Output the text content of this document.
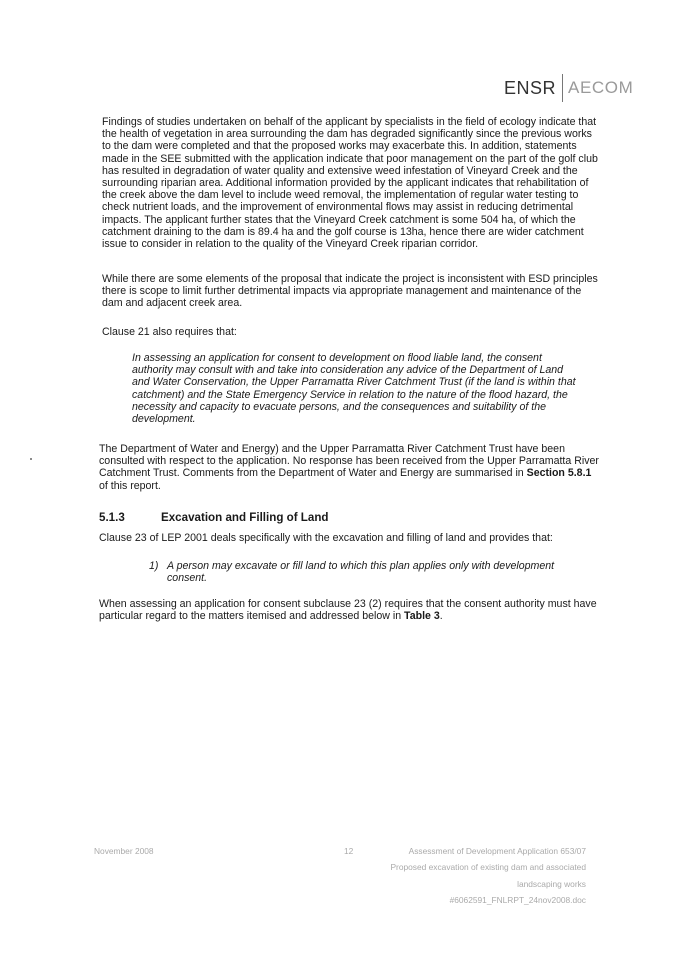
ENSR AECOM

Findings of studies undertaken on behalf of the applicant by specialists in the field of ecology indicate that the health of vegetation in area surrounding the dam has degraded significantly since the previous works to the dam were completed and that the proposed works may exacerbate this. In addition, statements made in the SEE submitted with the application indicate that poor management on the part of the golf club has resulted in degradation of water quality and extensive weed infestation of Vineyard Creek and the surrounding riparian area. Additional information provided by the applicant indicates that rehabilitation of the creek above the dam level to include weed removal, the implementation of regular water testing to check nutrient loads, and the improvement of environmental flows may assist in reducing detrimental impacts. The applicant further states that the Vineyard Creek catchment is some 504 ha, of which the catchment draining to the dam is 89.4 ha and the golf course is 13ha, hence there are wider catchment issue to consider in relation to the quality of the Vineyard Creek riparian corridor.

While there are some elements of the proposal that indicate the project is inconsistent with ESD principles there is scope to limit further detrimental impacts via appropriate management and maintenance of the dam and adjacent creek area.

Clause 21 also requires that:

In assessing an application for consent to development on flood liable land, the consent authority may consult with and take into consideration any advice of the Department of Land and Water Conservation, the Upper Parramatta River Catchment Trust (if the land is within that catchment) and the State Emergency Service in relation to the nature of the flood hazard, the necessity and capacity to evacuate persons, and the consequences and suitability of the development.

The Department of Water and Energy) and the Upper Parramatta River Catchment Trust have been consulted with respect to the application. No response has been received from the Upper Parramatta River Catchment Trust. Comments from the Department of Water and Energy are summarised in Section 5.8.1 of this report.

5.1.3	Excavation and Filling of Land

Clause 23 of LEP 2001 deals specifically with the excavation and filling of land and provides that:

1) A person may excavate or fill land to which this plan applies only with development consent.

When assessing an application for consent subclause 23 (2) requires that the consent authority must have particular regard to the matters itemised and addressed below in Table 3.

November 2008	12	Assessment of Development Application 653/07
Proposed excavation of existing dam and associated
landscaping works
#6062591_FNLRPT_24nov2008.doc
